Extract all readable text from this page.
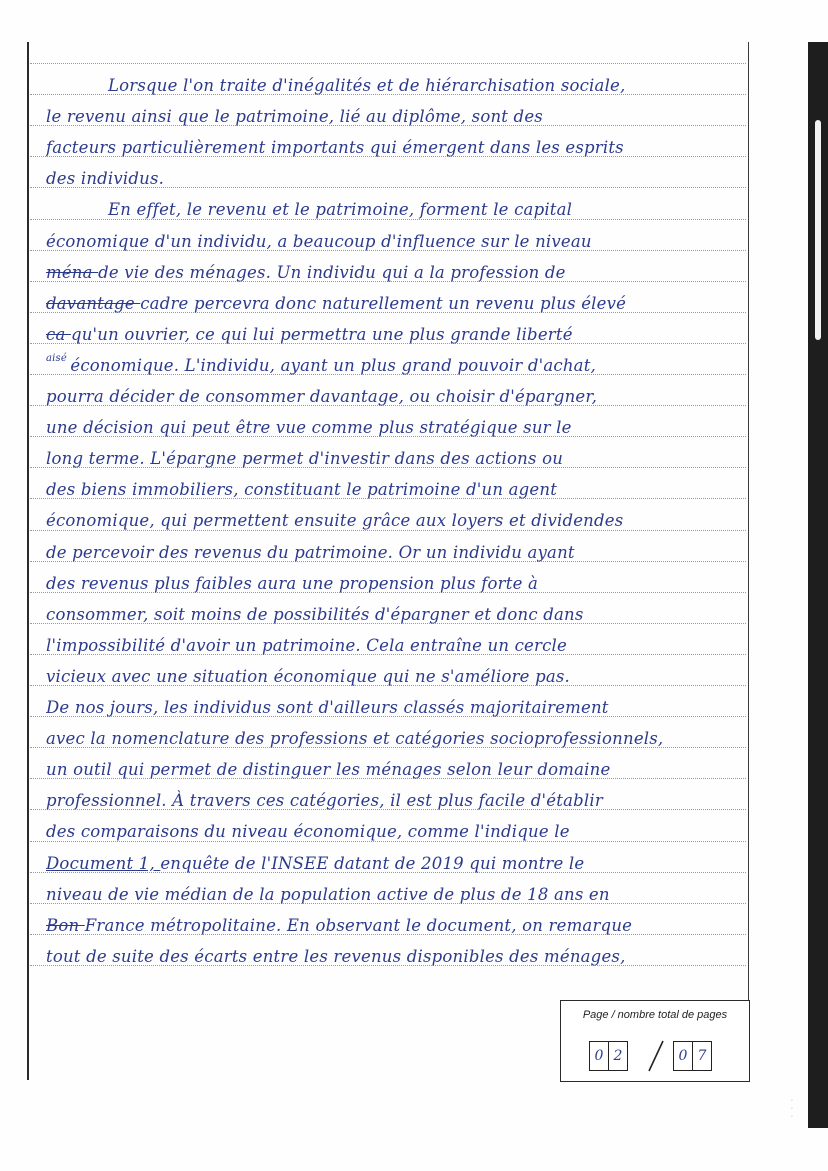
Lorsque l'on traite d'inégalités et de hiérarchisation sociale,
le revenu ainsi que le patrimoine, lié au diplôme, sont des
facteurs particulièrement importants qui émergent dans les esprits
des individus.
En effet, le revenu et le patrimoine, forment le capital
économique d'un individu, a beaucoup d'influence sur le niveau
ména de vie des ménages. Un individu qui a la profession de
davantage cadre percevra donc naturellement un revenu plus élevé
ca qu'un ouvrier, ce qui lui permettra une plus grande liberté
$^{aisé}$ économique. L'individu, ayant un plus grand pouvoir d'achat,
pourra décider de consommer davantage, ou choisir d'épargner,
une décision qui peut être vue comme plus stratégique sur le
long terme. L'épargne permet d'investir dans des actions ou
des biens immobiliers, constituant le patrimoine d'un agent
économique, qui permettent ensuite grâce aux loyers et dividendes
de percevoir des revenus du patrimoine. Or un individu ayant
des revenus plus faibles aura une propension plus forte à
consommer, soit moins de possibilités d'épargner et donc dans
l'impossibilité d'avoir un patrimoine. Cela entraîne un cercle
vicieux avec une situation économique qui ne s'améliore pas.
De nos jours, les individus sont d'ailleurs classés majoritairement
avec la nomenclature des professions et catégories socioprofessionnels,
un outil qui permet de distinguer les ménages selon leur domaine
professionnel. À travers ces catégories, il est plus facile d'établir
des comparaisons du niveau économique, comme l'indique le
Document 1, enquête de l'INSEE datant de 2019 qui montre le
niveau de vie médian de la population active de plus de 18 ans en
Bon France métropolitaine. En observant le document, on remarque
tout de suite des écarts entre les revenus disponibles des ménages,
Page / nombre total de pages
0 2	0 7
·
·
·
